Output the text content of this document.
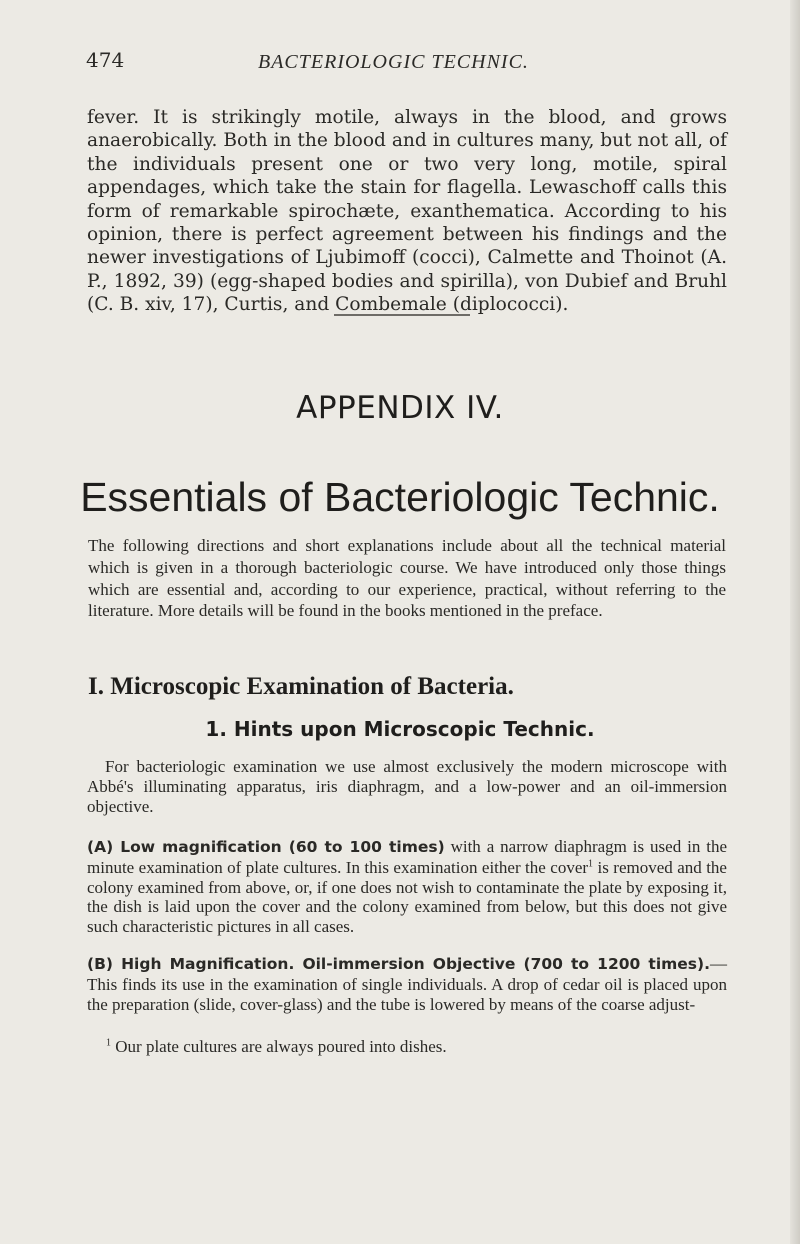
474	BACTERIOLOGIC TECHNIC.

fever. It is strikingly motile, always in the blood, and grows anaerobically. Both in the blood and in cultures many, but not all, of the individuals present one or two very long, motile, spiral appendages, which take the stain for flagella. Lewaschoff calls this form of remarkable spirochæte, exanthematica. According to his opinion, there is perfect agreement between his findings and the newer investigations of Ljubimoff (cocci), Calmette and Thoinot (A. P., 1892, 39) (egg-shaped bodies and spirilla), von Dubief and Bruhl (C. B. xiv, 17), Curtis, and Combemale (diplococci).

APPENDIX IV.
Essentials of Bacteriologic Technic.

The following directions and short explanations include about all the technical material which is given in a thorough bacteriologic course. We have introduced only those things which are essential and, according to our experience, practical, without referring to the literature. More details will be found in the books mentioned in the preface.

I. Microscopic Examination of Bacteria.
1. Hints upon Microscopic Technic.

For bacteriologic examination we use almost exclusively the modern microscope with Abbé's illuminating apparatus, iris diaphragm, and a low-power and an oil-immersion objective.

(A) Low magnification (60 to 100 times) with a narrow diaphragm is used in the minute examination of plate cultures. In this examination either the cover$^1$ is removed and the colony examined from above, or, if one does not wish to contaminate the plate by exposing it, the dish is laid upon the cover and the colony examined from below, but this does not give such characteristic pictures in all cases.

(B) High Magnification. Oil-immersion Objective (700 to 1200 times).—This finds its use in the examination of single individuals. A drop of cedar oil is placed upon the preparation (slide, cover-glass) and the tube is lowered by means of the coarse adjust-

$^1$ Our plate cultures are always poured into dishes.
